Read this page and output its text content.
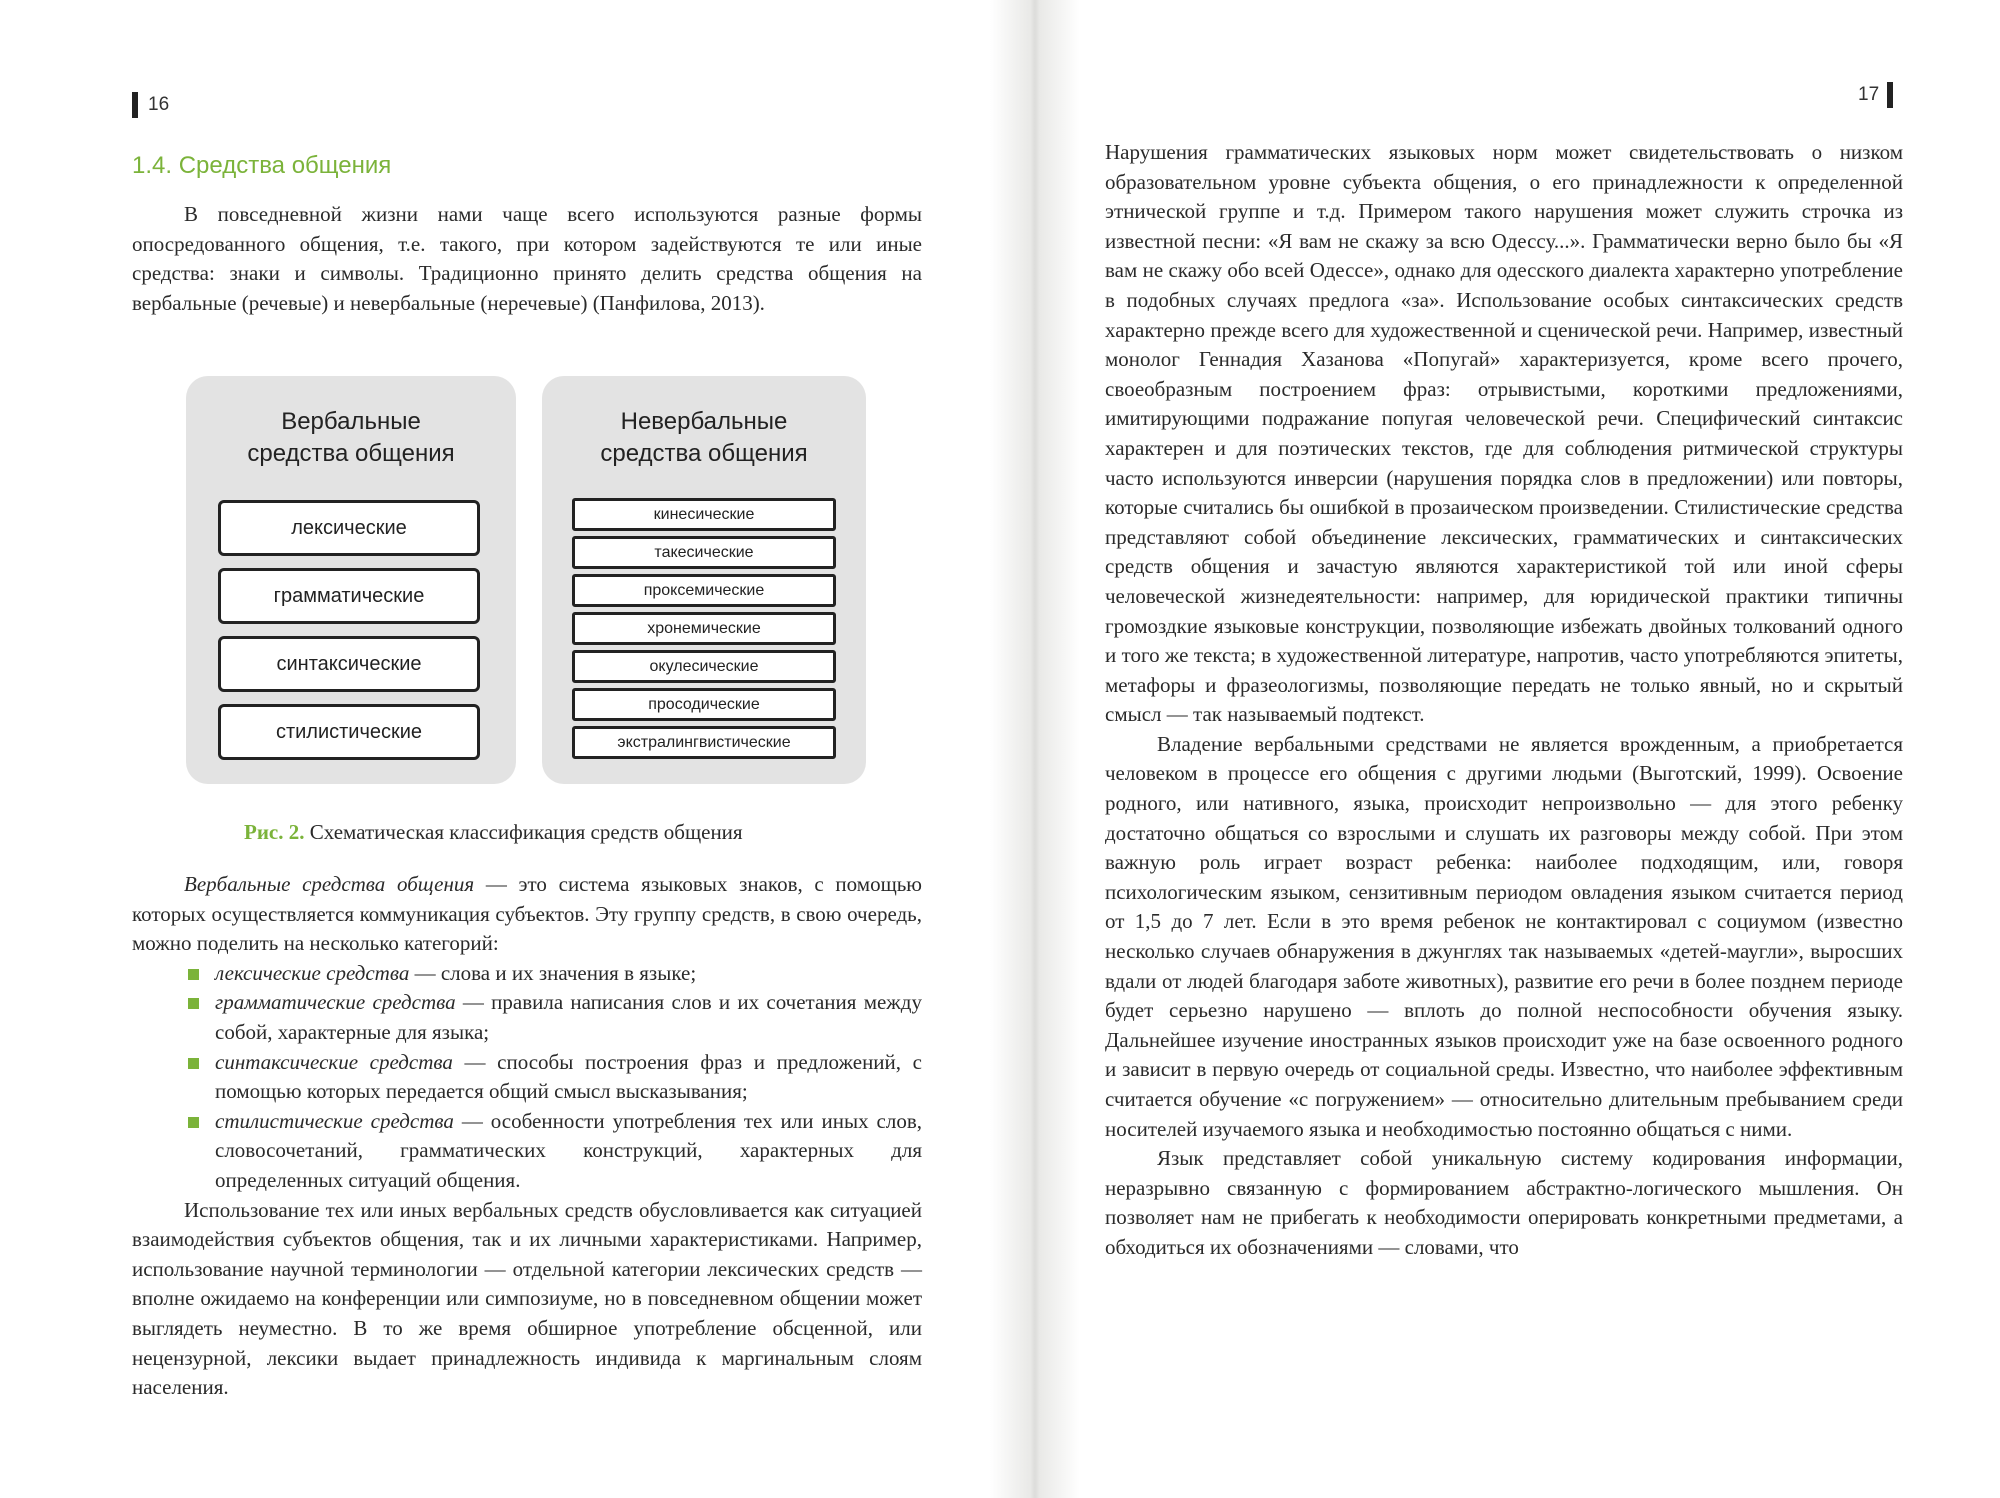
16
1.4. Средства общения

В повседневной жизни нами чаще всего используются разные формы опосредованного общения, т.е. такого, при котором задействуются те или иные средства: знаки и символы. Традиционно принято делить средства общения на вербальные (речевые) и невербальные (неречевые) (Панфилова, 2013).

Вербальные средства общения
лексические
грамматические
синтаксические
стилистические
Невербальные средства общения
кинесические
такесические
проксемические
хронемические
окулесические
просодические
экстралингвистические
Рис. 2. Схематическая классификация средств общения

Вербальные средства общения — это система языковых знаков, с помощью которых осуществляется коммуникация субъектов. Эту группу средств, в свою очередь, можно поделить на несколько категорий:

лексические средства — слова и их значения в языке;
грамматические средства — правила написания слов и их сочетания между собой, характерные для языка;
синтаксические средства — способы построения фраз и предложений, с помощью которых передается общий смысл высказывания;
стилистические средства — особенности употребления тех или иных слов, словосочетаний, грамматических конструкций, характерных для определенных ситуаций общения.

Использование тех или иных вербальных средств обусловливается как ситуацией взаимодействия субъектов общения, так и их личными характеристиками. Например, использование научной терминологии — отдельной категории лексических средств — вполне ожидаемо на конференции или симпозиуме, но в повседневном общении может выглядеть неуместно. В то же время обширное употребление обсценной, или нецензурной, лексики выдает принадлежность индивида к маргинальным слоям населения.

17

Нарушения грамматических языковых норм может свидетельствовать о низком образовательном уровне субъекта общения, о его принадлежности к определенной этнической группе и т.д. Примером такого нарушения может служить строчка из известной песни: «Я вам не скажу за всю Одессу...». Грамматически верно было бы «Я вам не скажу обо всей Одессе», однако для одесского диалекта характерно употребление в подобных случаях предлога «за». Использование особых синтаксических средств характерно прежде всего для художественной и сценической речи. Например, известный монолог Геннадия Хазанова «Попугай» характеризуется, кроме всего прочего, своеобразным построением фраз: отрывистыми, короткими предложениями, имитирующими подражание попугая человеческой речи. Специфический синтаксис характерен и для поэтических текстов, где для соблюдения ритмической структуры часто используются инверсии (нарушения порядка слов в предложении) или повторы, которые считались бы ошибкой в прозаическом произведении. Стилистические средства представляют собой объединение лексических, грамматических и синтаксических средств общения и зачастую являются характеристикой той или иной сферы человеческой жизнедеятельности: например, для юридической практики типичны громоздкие языковые конструкции, позволяющие избежать двойных толкований одного и того же текста; в художественной литературе, напротив, часто употребляются эпитеты, метафоры и фразеологизмы, позволяющие передать не только явный, но и скрытый смысл — так называемый подтекст.

Владение вербальными средствами не является врожденным, а приобретается человеком в процессе его общения с другими людьми (Выготский, 1999). Освоение родного, или нативного, языка, происходит непроизвольно — для этого ребенку достаточно общаться со взрослыми и слушать их разговоры между собой. При этом важную роль играет возраст ребенка: наиболее подходящим, или, говоря психологическим языком, сензитивным периодом овладения языком считается период от 1,5 до 7 лет. Если в это время ребенок не контактировал с социумом (известно несколько случаев обнаружения в джунглях так называемых «детей-маугли», выросших вдали от людей благодаря заботе животных), развитие его речи в более позднем периоде будет серьезно нарушено — вплоть до полной неспособности обучения языку. Дальнейшее изучение иностранных языков происходит уже на базе освоенного родного и зависит в первую очередь от социальной среды. Известно, что наиболее эффективным считается обучение «с погружением» — относительно длительным пребыванием среди носителей изучаемого языка и необходимостью постоянно общаться с ними.

Язык представляет собой уникальную систему кодирования информации, неразрывно связанную с формированием абстрактно-логического мышления. Он позволяет нам не прибегать к необходимости оперировать конкретными предметами, а обходиться их обозначениями — словами, что
